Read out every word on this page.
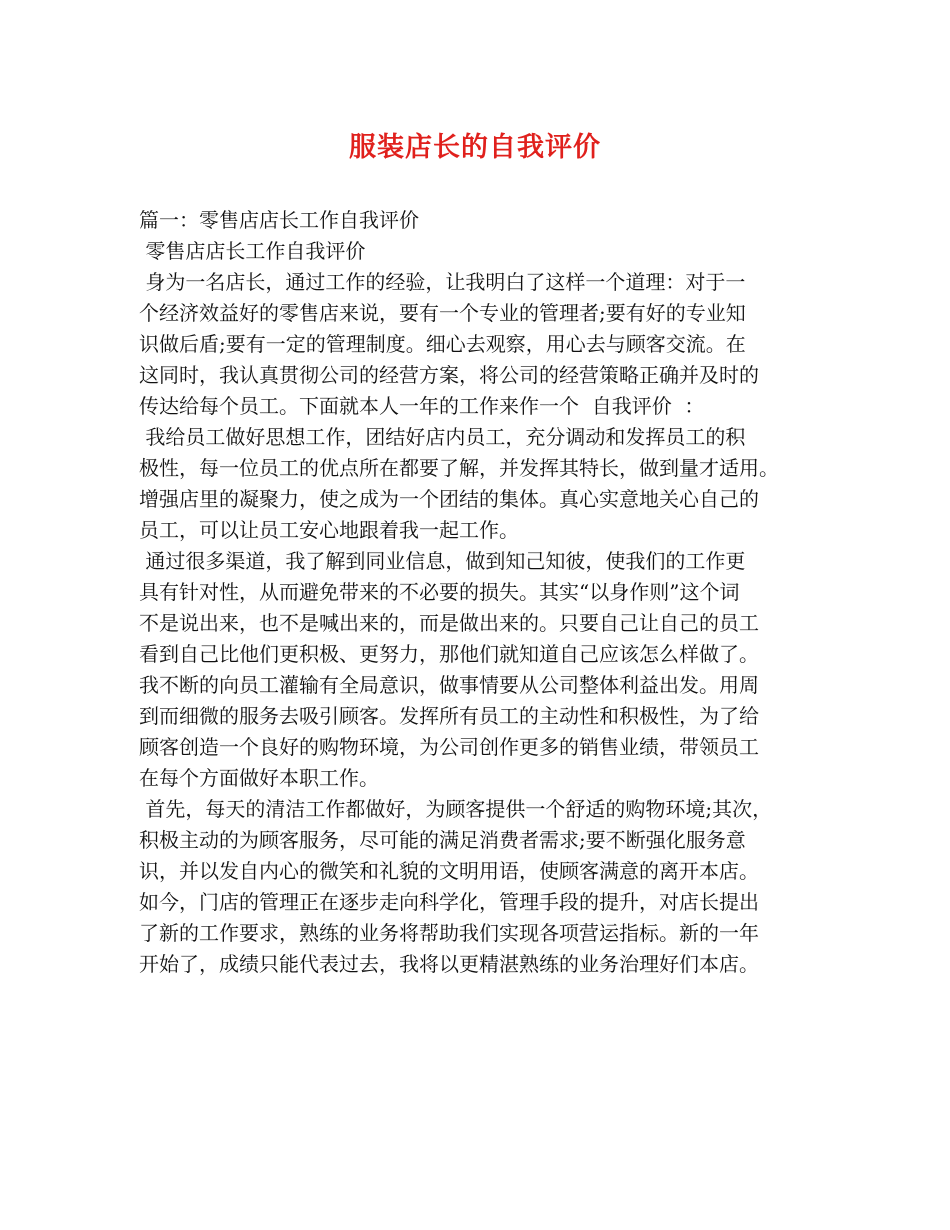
服装店长的自我评价
篇一：零售店店长工作自我评价
零售店店长工作自我评价
身为一名店长，通过工作的经验，让我明白了这样一个道理：对于一
个经济效益好的零售店来说，要有一个专业的管理者;要有好的专业知
识做后盾;要有一定的管理制度。细心去观察，用心去与顾客交流。在
这同时，我认真贯彻公司的经营方案，将公司的经营策略正确并及时的
传达给每个员工。下面就本人一年的工作来作一个  自我评价  ：
我给员工做好思想工作，团结好店内员工，充分调动和发挥员工的积
极性，每一位员工的优点所在都要了解，并发挥其特长，做到量才适用。
增强店里的凝聚力，使之成为一个团结的集体。真心实意地关心自己的
员工，可以让员工安心地跟着我一起工作。
通过很多渠道，我了解到同业信息，做到知己知彼，使我们的工作更
具有针对性，从而避免带来的不必要的损失。其实“以身作则”这个词
不是说出来，也不是喊出来的，而是做出来的。只要自己让自己的员工
看到自己比他们更积极、更努力，那他们就知道自己应该怎么样做了。
我不断的向员工灌输有全局意识，做事情要从公司整体利益出发。用周
到而细微的服务去吸引顾客。发挥所有员工的主动性和积极性，为了给
顾客创造一个良好的购物环境，为公司创作更多的销售业绩，带领员工
在每个方面做好本职工作。
首先，每天的清洁工作都做好，为顾客提供一个舒适的购物环境;其次，
积极主动的为顾客服务，尽可能的满足消费者需求;要不断强化服务意
识，并以发自内心的微笑和礼貌的文明用语，使顾客满意的离开本店。
如今，门店的管理正在逐步走向科学化，管理手段的提升，对店长提出
了新的工作要求，熟练的业务将帮助我们实现各项营运指标。新的一年
开始了，成绩只能代表过去，我将以更精湛熟练的业务治理好们本店。
